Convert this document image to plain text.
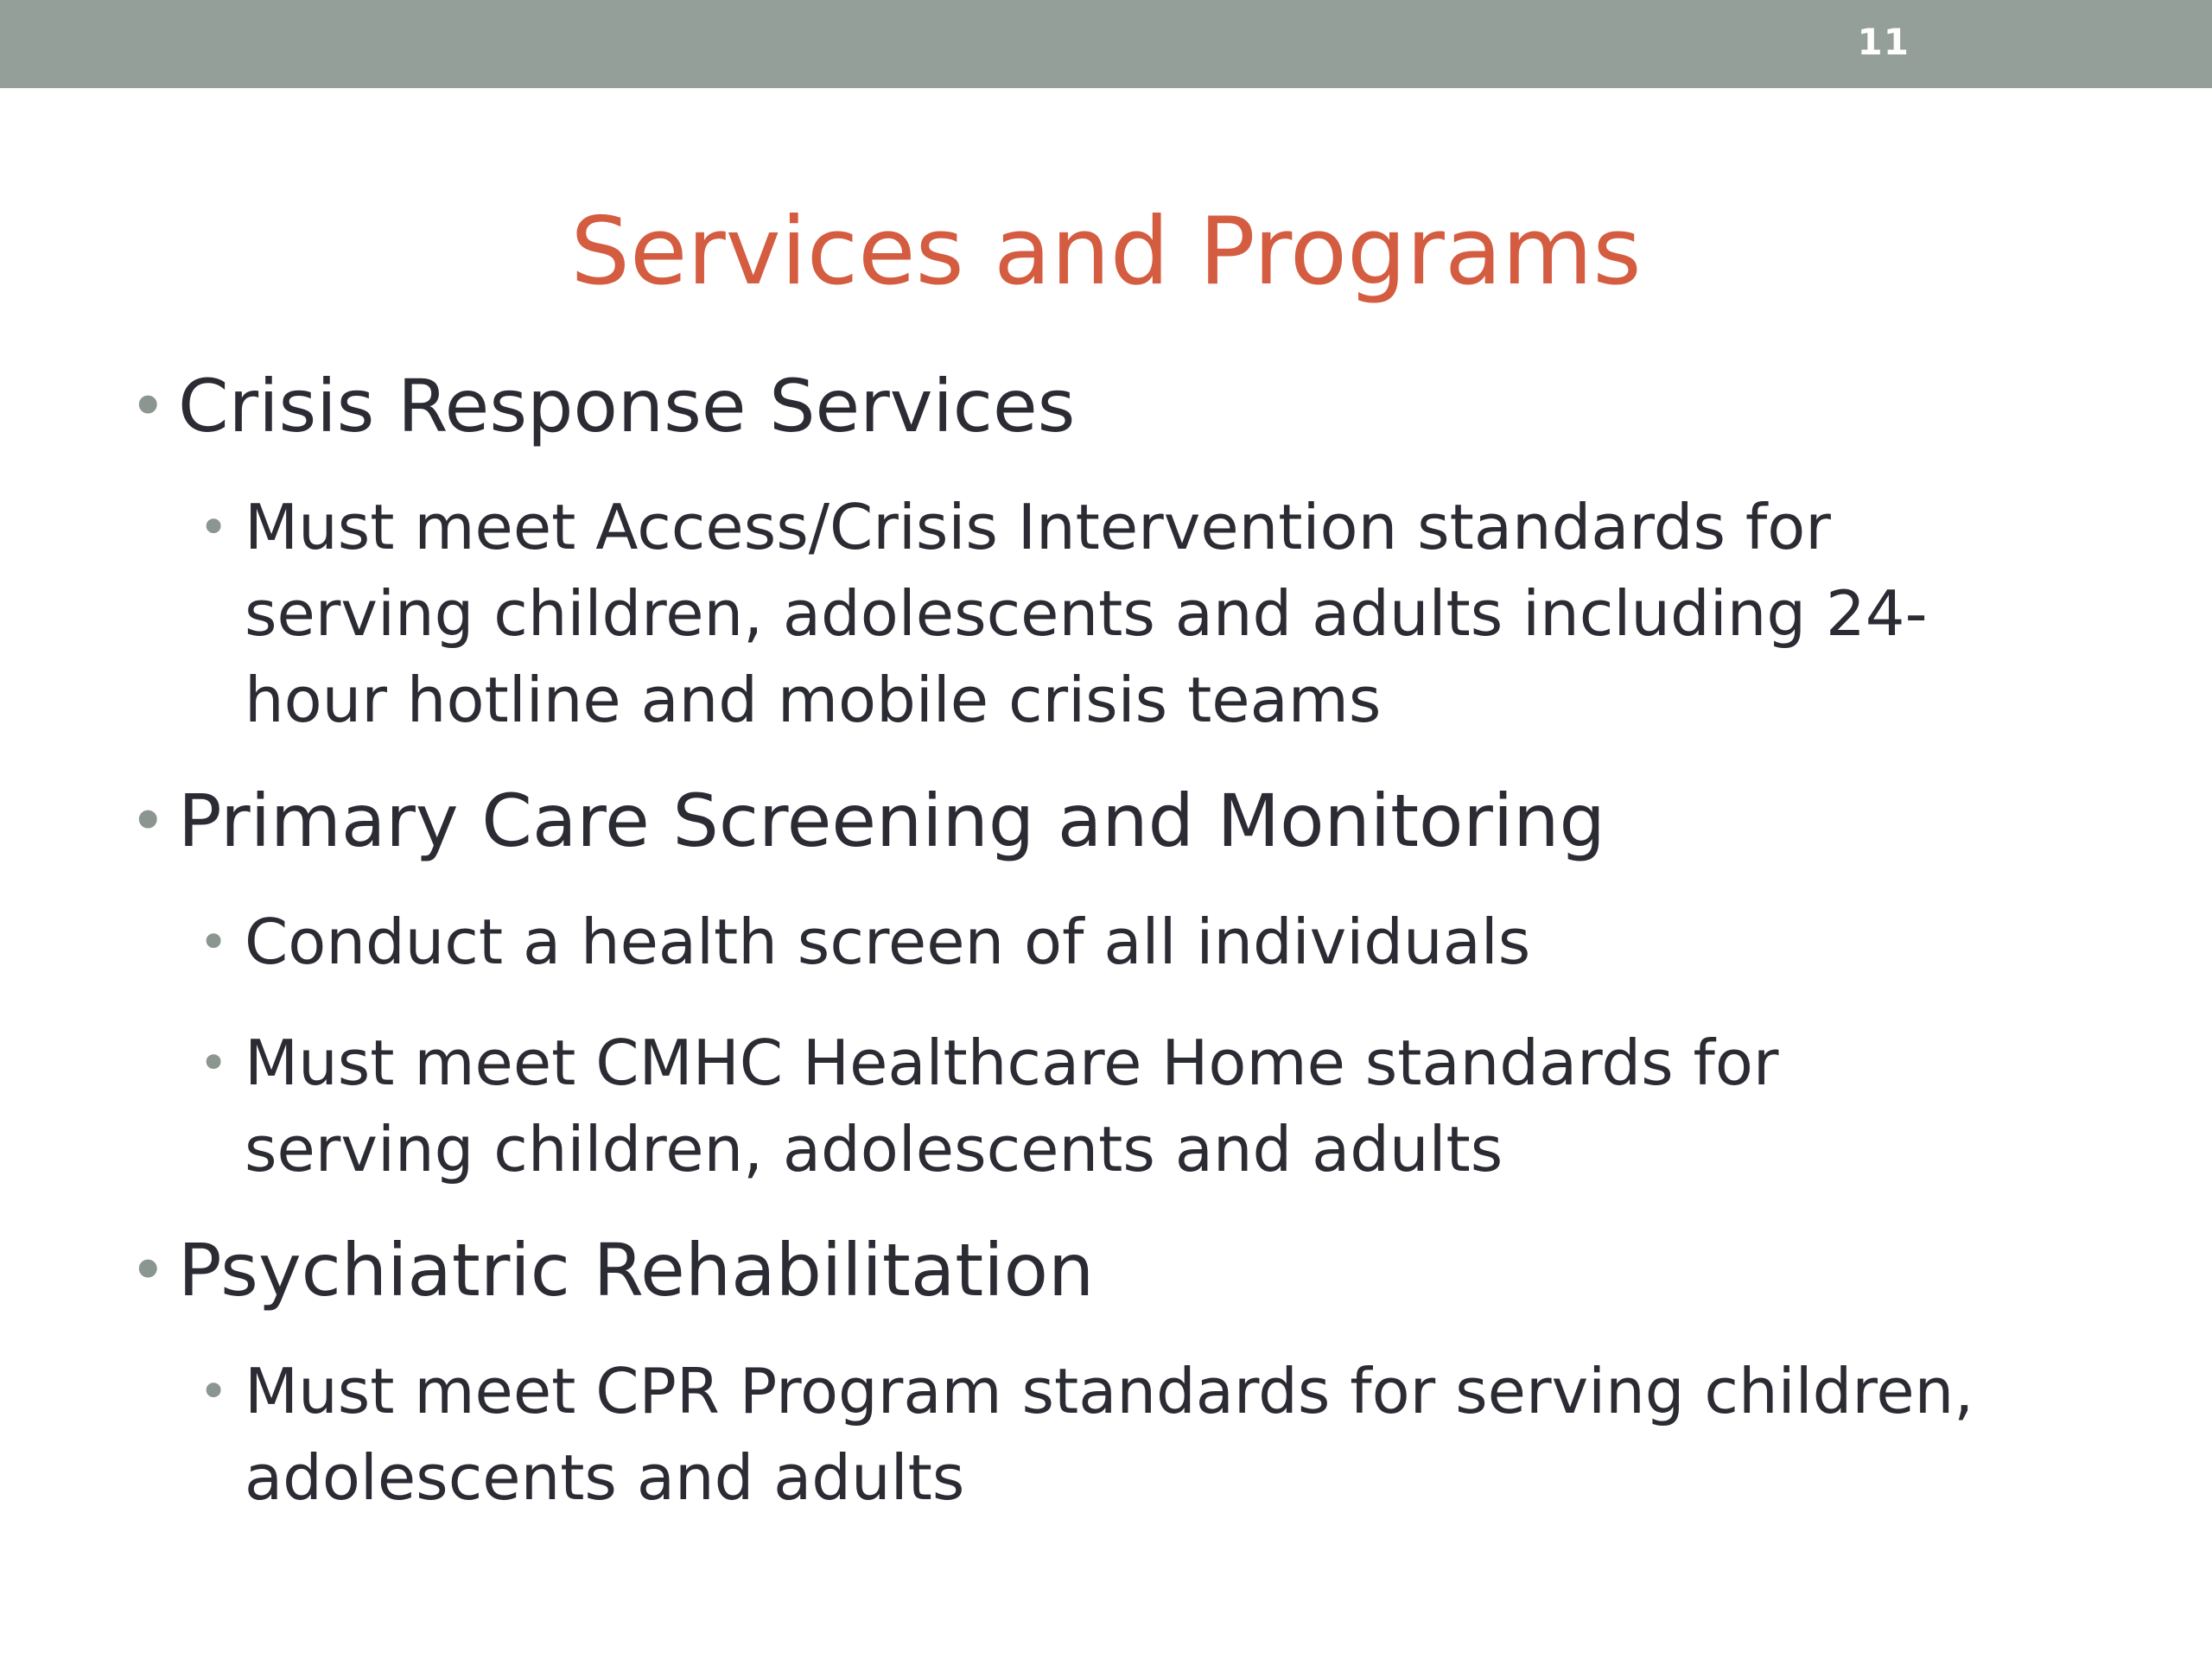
11
Services and Programs
• Crisis Response Services
• Must meet Access/Crisis Intervention standards for serving children, adolescents and adults including 24-hour hotline and mobile crisis teams
• Primary Care Screening and Monitoring
• Conduct a health screen of all individuals
• Must meet CMHC Healthcare Home standards for serving children, adolescents and adults
• Psychiatric Rehabilitation
• Must meet CPR Program standards for serving children, adolescents and adults
